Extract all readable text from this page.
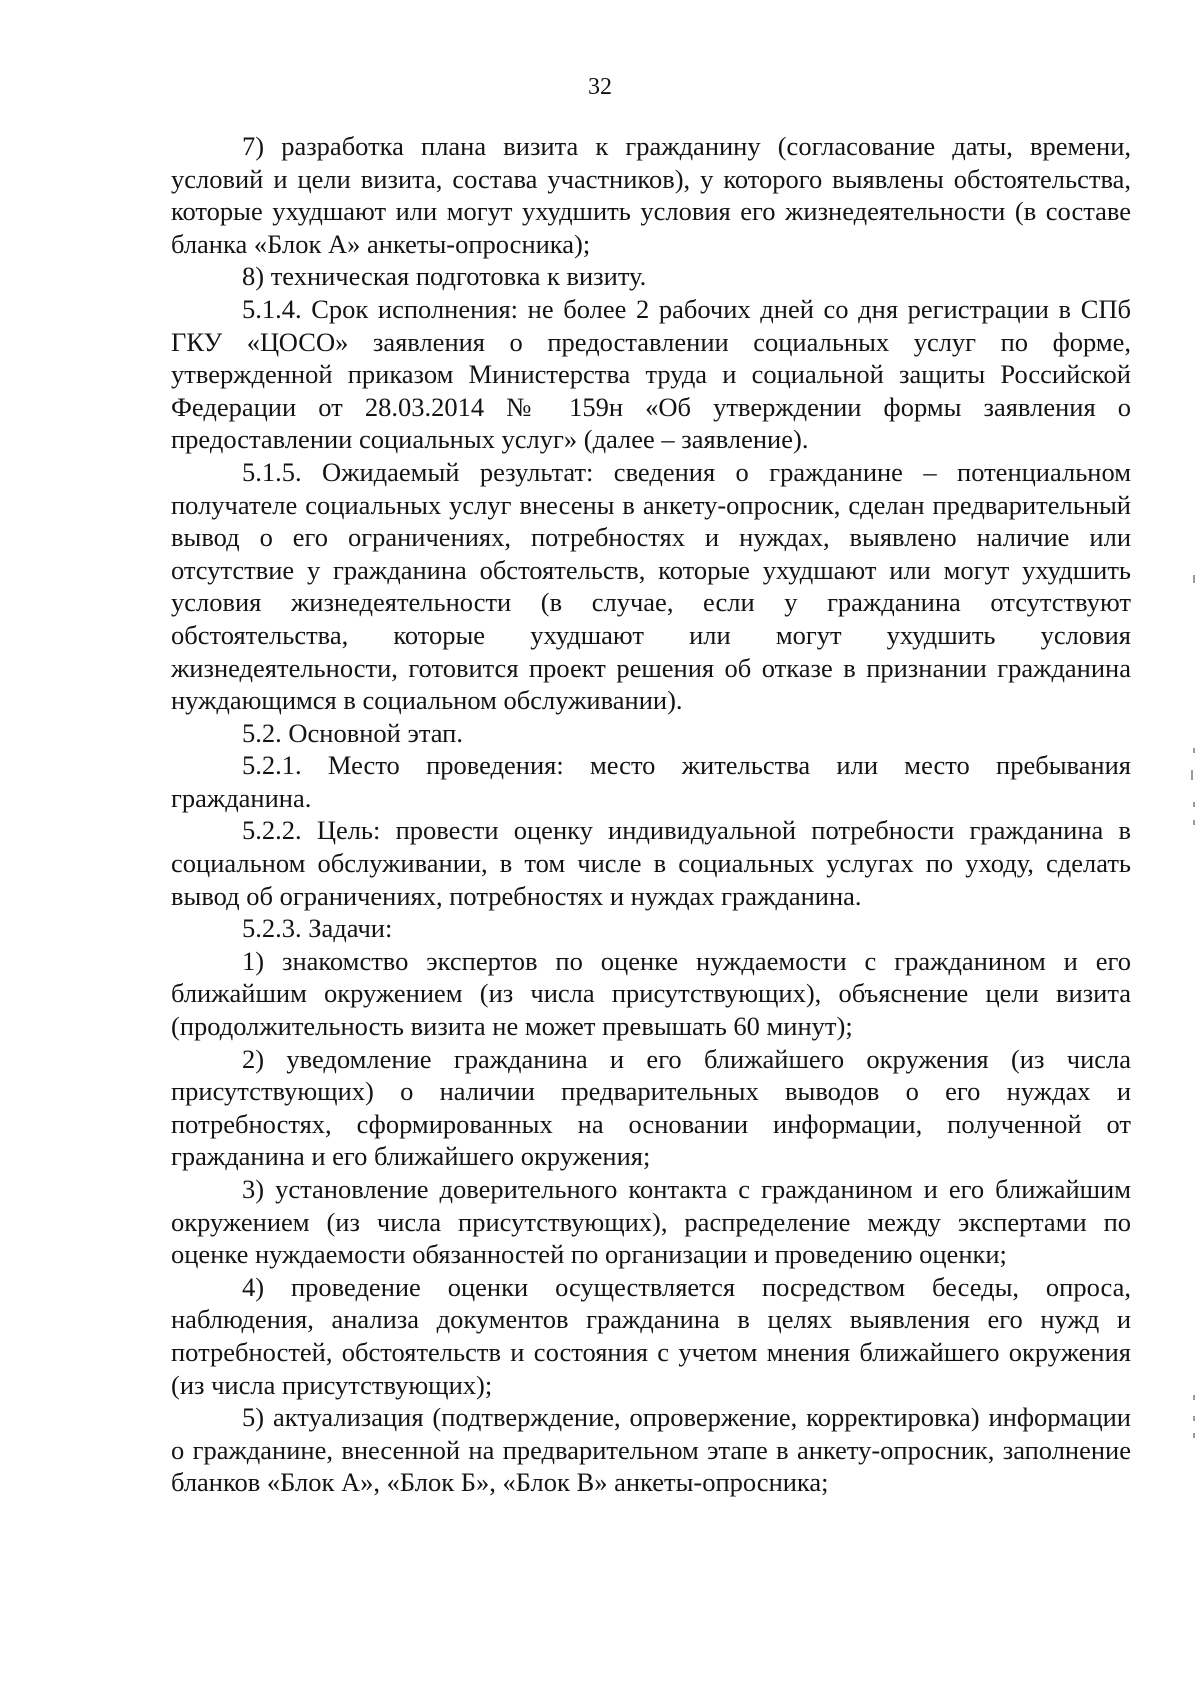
32

7) разработка плана визита к гражданину (согласование даты, времени, условий и цели визита, состава участников), у которого выявлены обстоятельства, которые ухудшают или могут ухудшить условия его жизнедеятельности (в составе бланка «Блок А» анкеты-опросника);

8) техническая подготовка к визиту.

5.1.4. Срок исполнения: не более 2 рабочих дней со дня регистрации в СПб ГКУ «ЦОСО» заявления о предоставлении социальных услуг по форме, утвержденной приказом Министерства труда и социальной защиты Российской Федерации от 28.03.2014 № 159н «Об утверждении формы заявления о предоставлении социальных услуг» (далее – заявление).

5.1.5. Ожидаемый результат: сведения о гражданине – потенциальном получателе социальных услуг внесены в анкету-опросник, сделан предварительный вывод о его ограничениях, потребностях и нуждах, выявлено наличие или отсутствие у гражданина обстоятельств, которые ухудшают или могут ухудшить условия жизнедеятельности (в случае, если у гражданина отсутствуют обстоятельства, которые ухудшают или могут ухудшить условия жизнедеятельности, готовится проект решения об отказе в признании гражданина нуждающимся в социальном обслуживании).

5.2. Основной этап.

5.2.1. Место проведения: место жительства или место пребывания гражданина.

5.2.2. Цель: провести оценку индивидуальной потребности гражданина в социальном обслуживании, в том числе в социальных услугах по уходу, сделать вывод об ограничениях, потребностях и нуждах гражданина.

5.2.3. Задачи:

1) знакомство экспертов по оценке нуждаемости с гражданином и его ближайшим окружением (из числа присутствующих), объяснение цели визита (продолжительность визита не может превышать 60 минут);

2) уведомление гражданина и его ближайшего окружения (из числа присутствующих) о наличии предварительных выводов о его нуждах и потребностях, сформированных на основании информации, полученной от гражданина и его ближайшего окружения;

3) установление доверительного контакта с гражданином и его ближайшим окружением (из числа присутствующих), распределение между экспертами по оценке нуждаемости обязанностей по организации и проведению оценки;

4) проведение оценки осуществляется посредством беседы, опроса, наблюдения, анализа документов гражданина в целях выявления его нужд и потребностей, обстоятельств и состояния с учетом мнения ближайшего окружения (из числа присутствующих);

5) актуализация (подтверждение, опровержение, корректировка) информации о гражданине, внесенной на предварительном этапе в анкету-опросник, заполнение бланков «Блок А», «Блок Б», «Блок В» анкеты-опросника;
